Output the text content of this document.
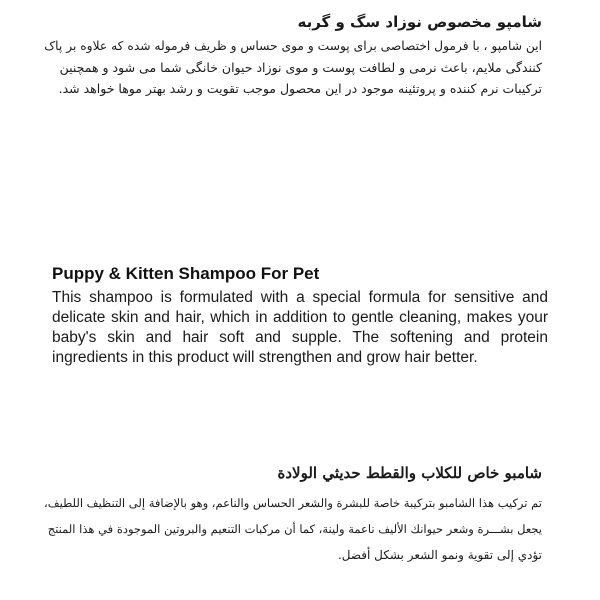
شامپو مخصوص نوزاد سگ و گربه
این شامپو ، با فرمول اختصاصی برای پوست و موی حساس و ظریف فرموله شده که علاوه بر پاک
کنندگی ملایم، باعث نرمی و لطافت پوست و موی نوزاد حیوان خانگی شما می شود و همچنین
ترکیبات نرم کننده و پروتئینه موجود در این محصول موجب تقویت و رشد بهتر موها خواهد شد.
Puppy & Kitten Shampoo For Pet
This shampoo is formulated with a special formula for sensitive and delicate skin and hair, which in addition to gentle cleaning, makes your baby's skin and hair soft and supple. The softening and protein ingredients in this product will strengthen and grow hair better.
شامبو خاص للكلاب والقطط حديثي الولادة
تم تركيب هذا الشامبو بتركيبة خاصة للبشرة والشعر الحساس والناعم، وهو بالإضافة إلى التنظيف اللطيف،
يجعل بشـــرة وشعر حيوانك الأليف ناعمة ولينة، كما أن مركبات التنعيم والبروتين الموجودة في هذا المنتج
تؤدي إلى تقوية ونمو الشعر بشكل أفضل.
